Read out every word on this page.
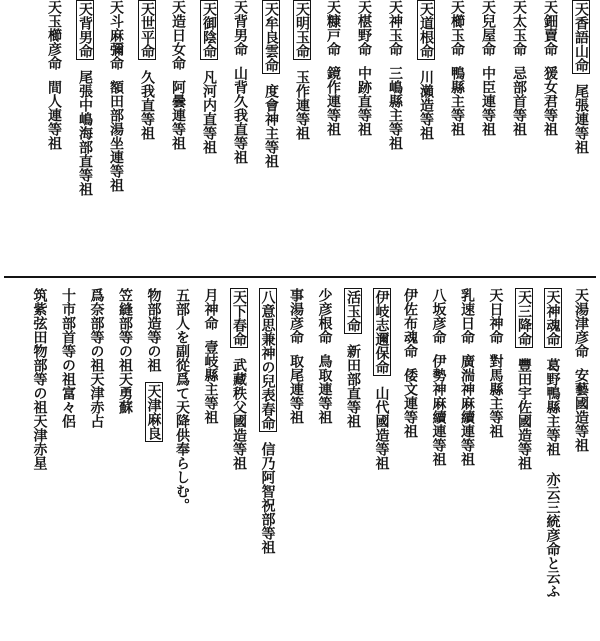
天香語山命
尾張連等祖
天鈿賣命
猨女君等祖
天太玉命
忌部首等祖
天兒屋命
中臣連等祖
天櫛玉命
鴨縣主等祖
天道根命
川瀨造等祖
天神玉命
三嶋縣主等祖
天椹野命
中跡直等祖
天糠戸命
鏡作連等祖
天明玉命
玉作連等祖
天牟良雲命
度會神主等祖
天背男命
山背久我直等祖
天御陰命
凡河内直等祖
天造日女命
阿曇連等祖
天世平命
久我直等祖
天斗麻彌命
額田部湯坐連等祖
天背男命
尾張中嶋海部直等祖
天玉櫛彦命
間人連等祖
天湯津彦命
安藝國造等祖
天神魂命
葛野鴨縣主等祖 亦云三統彦命と云ふ
天三降命
豐田宇佐國造等祖
天日神命
對馬縣主等祖
乳速日命
廣湍神麻續連等祖
八坂彦命
伊勢神麻續連等祖
伊佐布魂命
倭文連等祖
伊岐志邇保命
山代國造等祖
活玉命
新田部直等祖
少彦根命
鳥取連等祖
事湯彦命
取尾連等祖
八意思兼神の兒表春命
信乃阿智祝部等祖
天下春命
武藏秩父國造等祖
月神命
壹岐縣主等祖
五部人を副從爲て天降供奉らしむ。
物部造等の祖
天津麻良
笠縫部等の祖天勇蘇
爲奈部等の祖天津赤占
十市部首等の祖富々侶
筑紫弦田物部等の祖天津赤星
